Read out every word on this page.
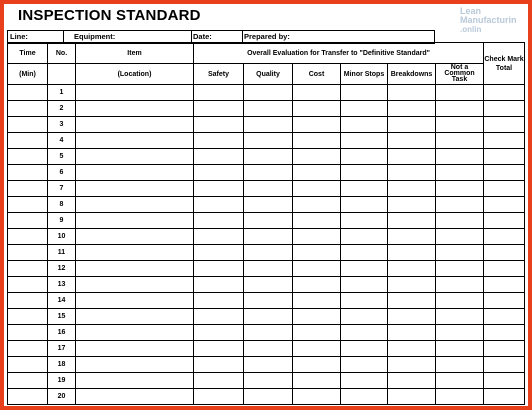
INSPECTION STANDARD	Lean
Manufacturin
.onlin
Line:	Equipment:	Date:	Prepared by:
Time	No.	Item	Overall Evaluation for Transfer to "Definitive Standard"						Check Mark Total
(Min)		(Location)	Safety	Quality	Cost	Minor Stops	Breakdowns	Not a Common Task	
	1								
	2								
	3								
	4								
	5								
	6								
	7								
	8								
	9								
	10								
	11								
	12								
	13								
	14								
	15								
	16								
	17								
	18								
	19								
	20								
